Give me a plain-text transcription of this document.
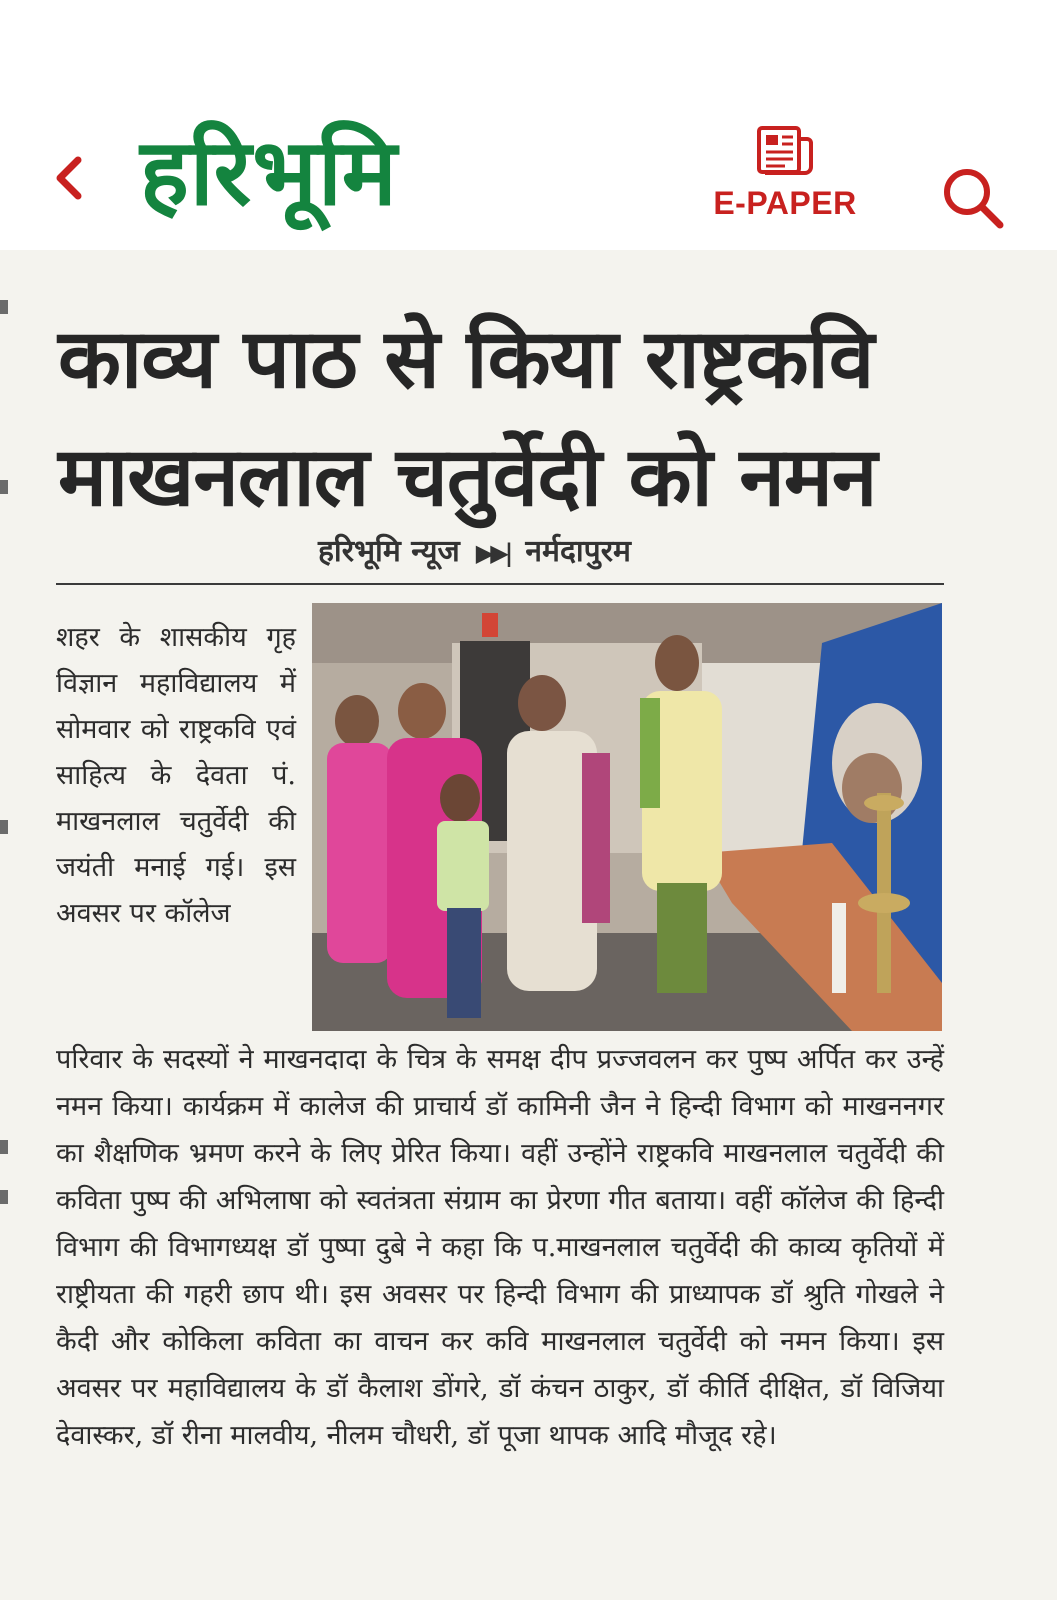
हरिभूमि	E-PAPER
काव्य पाठ से किया राष्ट्रकवि
माखनलाल चतुर्वेदी को नमन
हरिभूमि न्यूज ▶▶| नर्मदापुरम
शहर के शासकीय गृह विज्ञान महाविद्यालय में सोमवार को राष्ट्रकवि एवं साहित्य के देवता पं. माखनलाल चतुर्वेदी की जयंती मनाई गई। इस अवसर पर कॉलेज
परिवार के सदस्यों ने माखनदादा के चित्र के समक्ष दीप प्रज्जवलन कर पुष्प अर्पित कर उन्हें नमन किया। कार्यक्रम में कालेज की प्राचार्य डॉ कामिनी जैन ने हिन्दी विभाग को माखननगर का शैक्षणिक भ्रमण करने के लिए प्रेरित किया। वहीं उन्होंने राष्ट्रकवि माखनलाल चतुर्वेदी की कविता पुष्प की अभिलाषा को स्वतंत्रता संग्राम का प्रेरणा गीत बताया। वहीं कॉलेज की हिन्दी विभाग की विभागध्यक्ष डॉ पुष्पा दुबे ने कहा कि प.माखनलाल चतुर्वेदी की काव्य कृतियों में राष्ट्रीयता की गहरी छाप थी। इस अवसर पर हिन्दी विभाग की प्राध्यापक डॉ श्रुति गोखले ने कैदी और कोकिला कविता का वाचन कर कवि माखनलाल चतुर्वेदी को नमन किया। इस अवसर पर महाविद्यालय के डॉ कैलाश डोंगरे, डॉ कंचन ठाकुर, डॉ कीर्ति दीक्षित, डॉ विजिया देवास्कर, डॉ रीना मालवीय, नीलम चौधरी, डॉ पूजा थापक आदि मौजूद रहे।
